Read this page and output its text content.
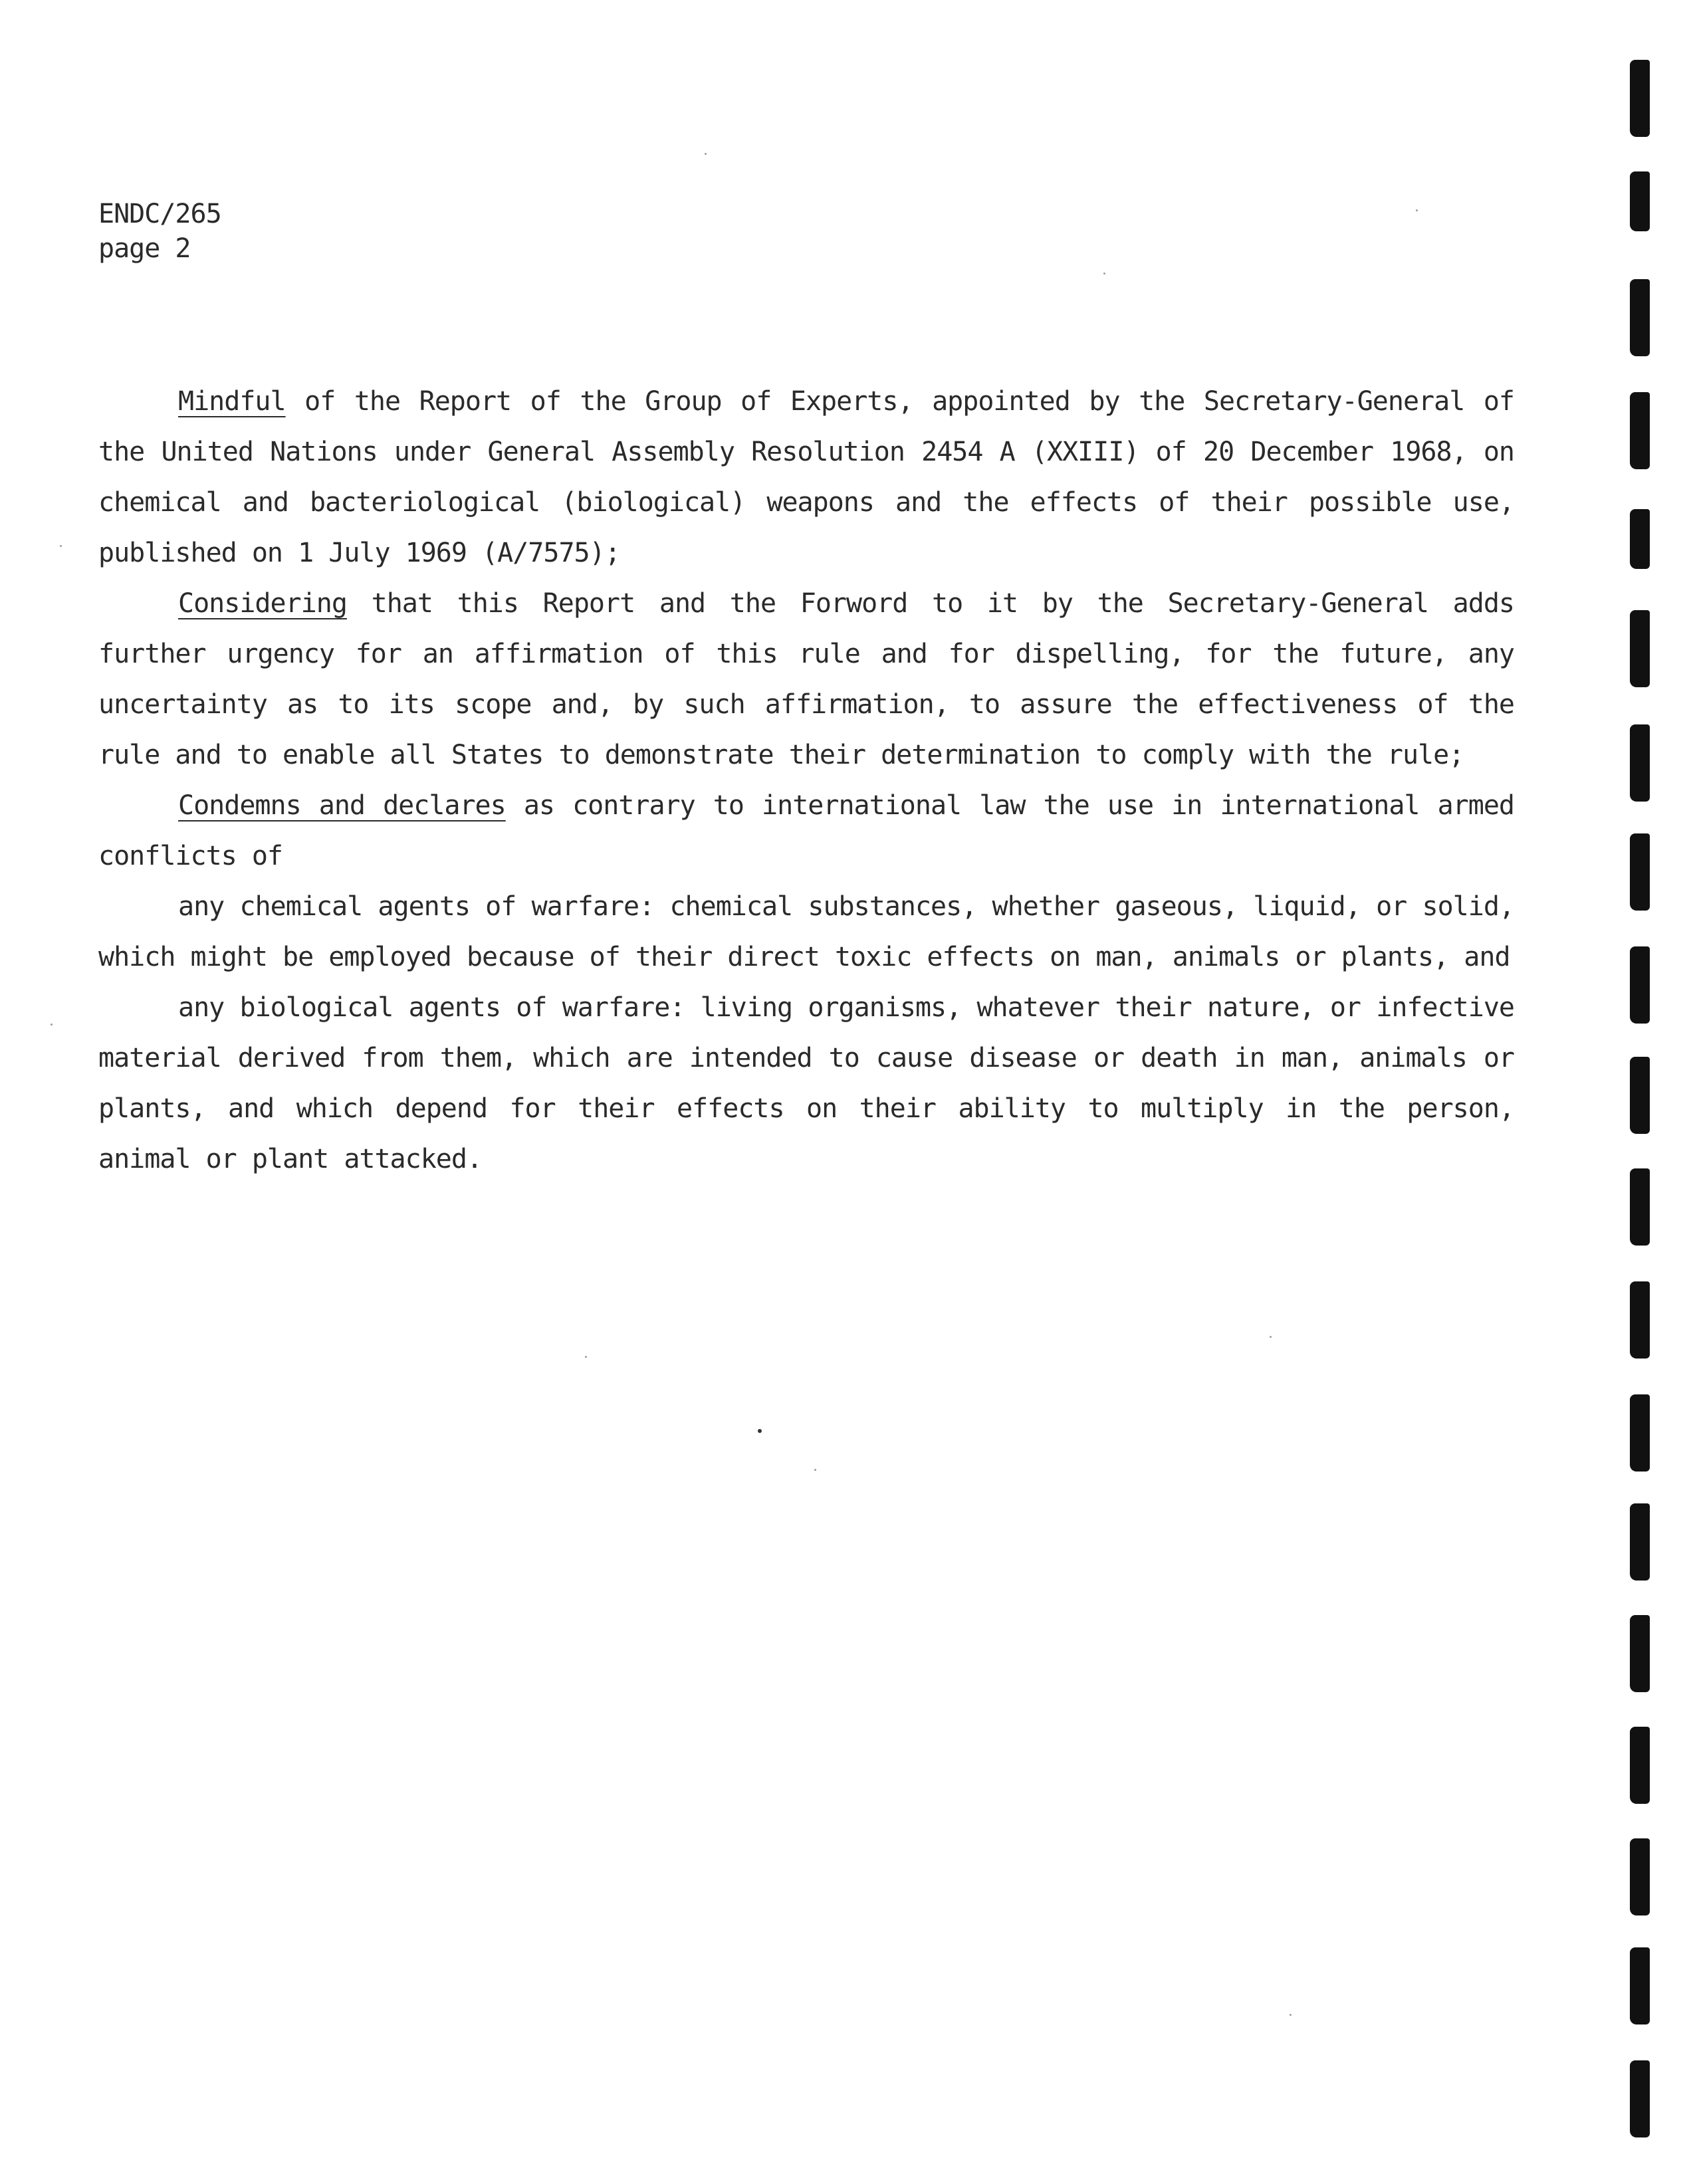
ENDC/265
page 2

Mindful of the Report of the Group of Experts, appointed by the Secretary-General of the United Nations under General Assembly Resolution 2454 A (XXIII) of 20 December 1968, on chemical and bacteriological (biological) weapons and the effects of their possible use, published on 1 July 1969 (A/7575);

Considering that this Report and the Forword to it by the Secretary-General adds further urgency for an affirmation of this rule and for dispelling, for the future, any uncertainty as to its scope and, by such affirmation, to assure the effectiveness of the rule and to enable all States to demonstrate their determination to comply with the rule;

Condemns and declares as contrary to international law the use in international armed conflicts of

any chemical agents of warfare: chemical substances, whether gaseous, liquid, or solid, which might be employed because of their direct toxic effects on man, animals or plants, and

any biological agents of warfare: living organisms, whatever their nature, or infective material derived from them, which are intended to cause disease or death in man, animals or plants, and which depend for their effects on their ability to multiply in the person, animal or plant attacked.
